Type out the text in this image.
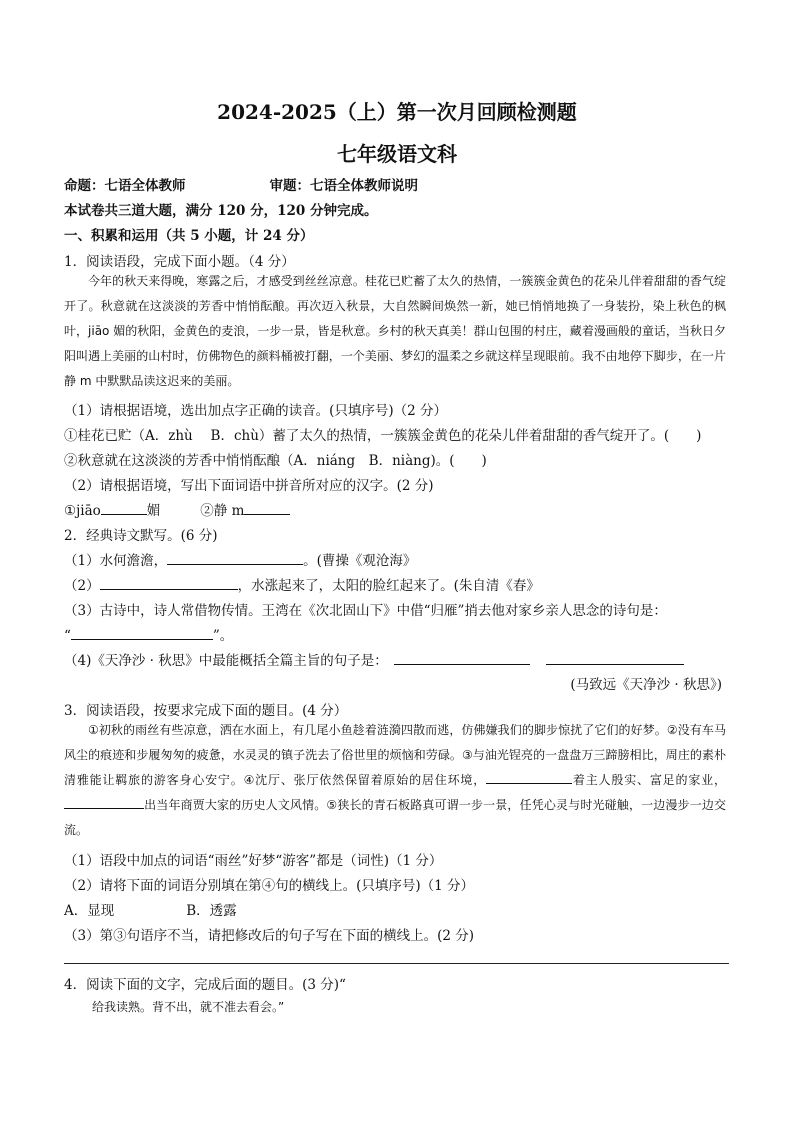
2024-2025（上）第一次月回顾检测题
七年级语文科
命题：七语全体教师	审题：七语全体教师说明
本试卷共三道大题，满分 120 分，120 分钟完成。
一、积累和运用（共 5 小题，计 24 分）
1．阅读语段，完成下面小题。（4 分）

今年的秋天来得晚，寒露之后，才感受到丝丝凉意。桂花已贮蓄了太久的热情，一簇簇金黄色的花朵儿伴着甜甜的香气绽开了。秋意就在这淡淡的芳香中悄悄酝酿。再次迈入秋景，大自然瞬间焕然一新，她已悄悄地换了一身装扮，染上秋色的枫叶，jiāo 媚的秋阳，金黄色的麦浪，一步一景，皆是秋意。乡村的秋天真美！群山包围的村庄，藏着漫画般的童话，当秋日夕阳叫遇上美丽的山村时，仿佛物色的颜料桶被打翻，一个美丽、梦幻的温柔之乡就这样呈现眼前。我不由地停下脚步，在一片静 m 中默默品读这迟来的美丽。

（1）请根据语境，选出加点字正确的读音。(只填序号)（2 分）
①桂花已贮（A．zhù　 B．chù）蓄了太久的热情，一簇簇金黄色的花朵儿伴着甜甜的香气绽开了。(　　)
②秋意就在这淡淡的芳香中悄悄酝酿（A．niáng　B．niàng)。(　　)
（2）请根据语境，写出下面词语中拼音所对应的汉字。(2 分)
①jiāo	媚	②静 m
2．经典诗文默写。(6 分)
（1）水何澹澹，	。(曹操《观沧海》
（2）	，水涨起来了，太阳的脸红起来了。(朱自清《春》
（3）古诗中，诗人常借物传情。王湾在《次北固山下》中借“归雁”捎去他对家乡亲人思念的诗句是：
“	”。
（4)《天净沙 · 秋思》中最能概括全篇主旨的句子是：
(马致远《天净沙 · 秋思》)
3．阅读语段，按要求完成下面的题目。(4 分）

①初秋的雨丝有些凉意，洒在水面上，有几尾小鱼趁着涟漪四散而逃，仿佛嫌我们的脚步惊扰了它们的好梦。②没有车马风尘的痕迹和步履匆匆的疲惫，水灵灵的镇子洗去了俗世里的烦恼和劳碌。③与油光锃亮的一盘盘万三蹄膀相比，周庄的素朴清雅能让羁旅的游客身心安宁。④沈厅、张厅依然保留着原始的居住环境，	着主人殷实、富足的家业，出当年商贾大家的历史人文风情。⑤狭长的青石板路真可谓一步一景，任凭心灵与时光碰触，一边漫步一边交流。

（1）语段中加点的词语“雨丝”好梦“游客”都是（词性)（1 分）
（2）请将下面的词语分别填在第④句的横线上。(只填序号)（1 分）
A．显现	B．透露
（3）第③句语序不当，请把修改后的句子写在下面的横线上。(2 分)
4．阅读下面的文字，完成后面的题目。(3 分)“
给我读熟。背不出，就不准去看会。”
